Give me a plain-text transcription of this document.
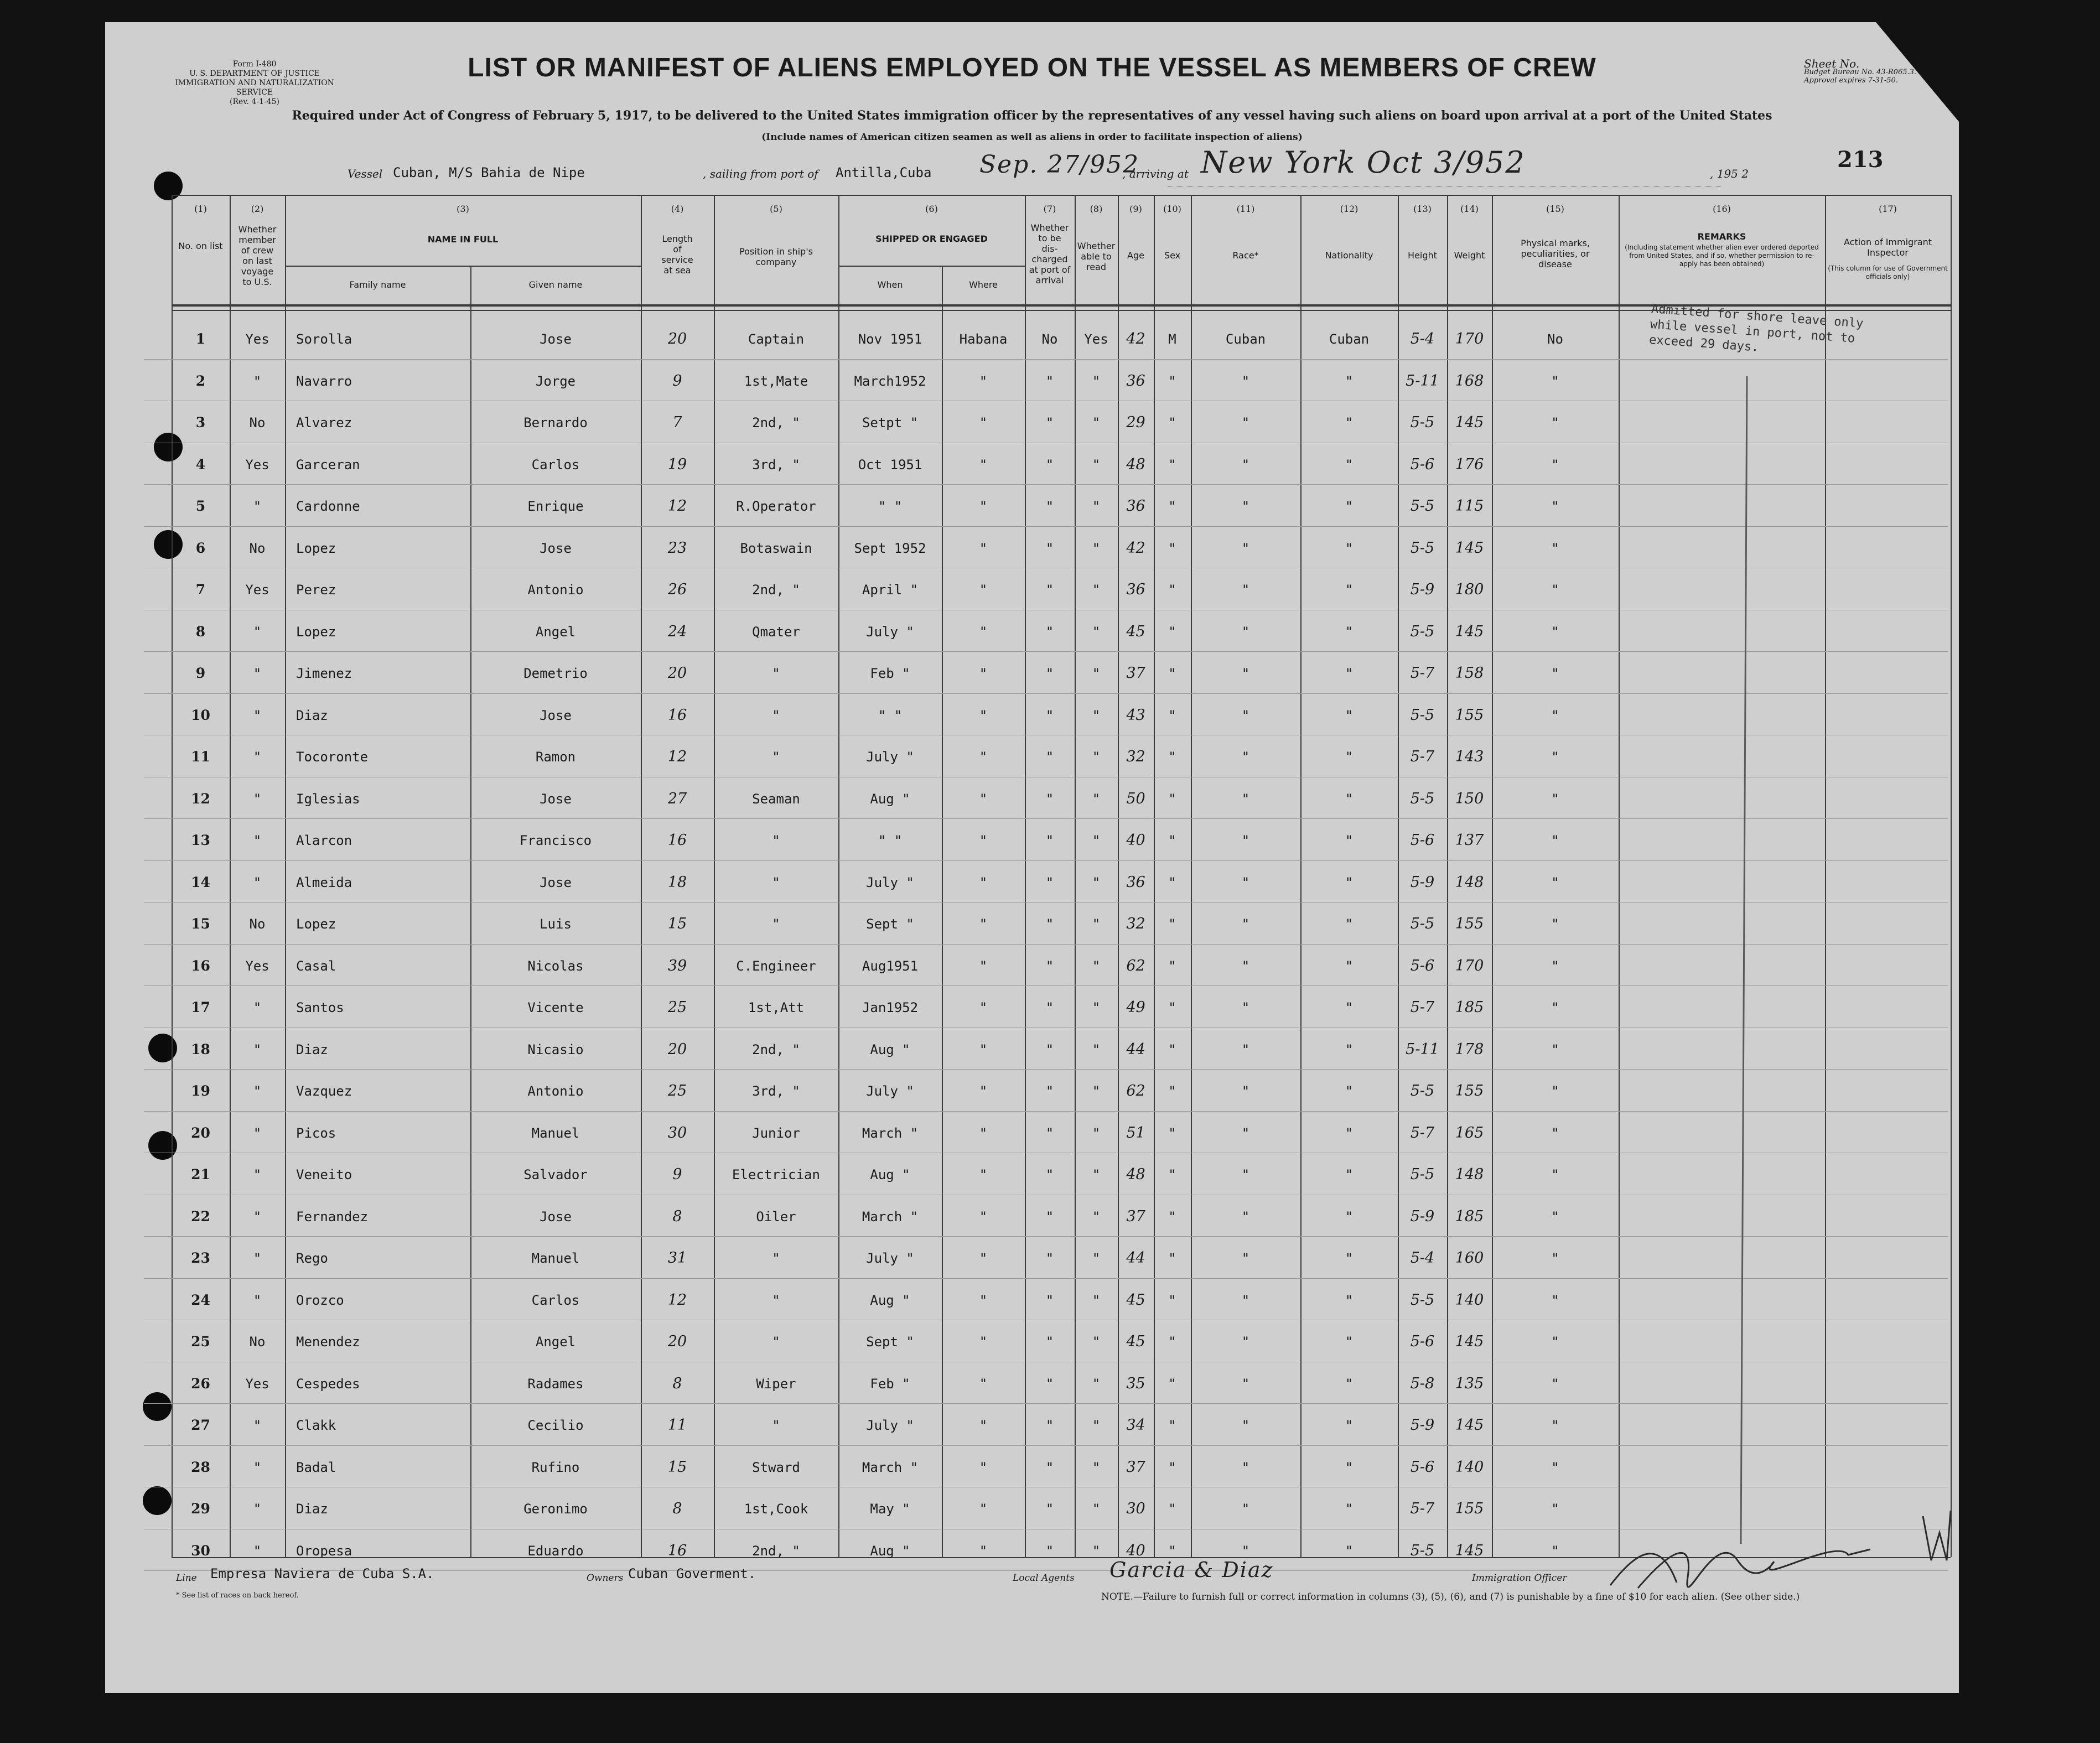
Form I-480
U. S. DEPARTMENT OF JUSTICE
IMMIGRATION AND NATURALIZATION SERVICE
(Rev. 4-1-45)
LIST OR MANIFEST OF ALIENS EMPLOYED ON THE VESSEL AS MEMBERS OF CREW	Sheet No.
Budget Bureau No. 43-R065.3.
Approval expires 7-31-50.
213
Required under Act of Congress of February 5, 1917, to be delivered to the United States immigration officer by the representatives of any vessel having such aliens on board upon arrival at a port of the United States
(Include names of American citizen seamen as well as aliens in order to facilitate inspection of aliens)
Vessel Cuban, M/S Bahia de Nipe	, sailing from port of Antilla,Cuba Sep. 27/952
, arriving at New York Oct 3/952	, 195 2
(1)	(2)	(3)	(4)	(5)	(6)	(7)	(8)	(9)	(10)	(11)	(12)	(13)	(14)	(15)	(16)	(17)
No. on list
Whether
member
of crew
on last
voyage
to U.S.
NAME IN FULL
Family name	Given name
Length
of
service
at sea
Position in ship's
company
SHIPPED OR ENGAGED
When	Where
Whether
to be
dis-
charged
at port of
arrival
Whether
able to
read
Age	Sex	Race*	Nationality	Height	Weight
Physical marks,
peculiarities, or
disease
REMARKS
(Including statement whether alien ever ordered deported from United States, and if so, whether permission to re-apply has been obtained)
Action of Immigrant
Inspector
(This column for use of Government officials only)
1	Yes	Sorolla	Jose	20	Captain	Nov 1951	Habana	No	Yes	42	M	Cuban	Cuban	5-4	170	No
2	"	Navarro	Jorge	9	1st,Mate	March1952	"	"	"	36	"	"	"	5-11	168	"
3	No	Alvarez	Bernardo	7	2nd, "	Setpt "	"	"	"	29	"	"	"	5-5	145	"
4	Yes	Garceran	Carlos	19	3rd, "	Oct 1951	"	"	"	48	"	"	"	5-6	176	"
5	"	Cardonne	Enrique	12	R.Operator	" "	"	"	"	36	"	"	"	5-5	115	"
6	No	Lopez	Jose	23	Botaswain	Sept 1952	"	"	"	42	"	"	"	5-5	145	"
7	Yes	Perez	Antonio	26	2nd, "	April "	"	"	"	36	"	"	"	5-9	180	"
8	"	Lopez	Angel	24	Qmater	July "	"	"	"	45	"	"	"	5-5	145	"
9	"	Jimenez	Demetrio	20	"	Feb "	"	"	"	37	"	"	"	5-7	158	"
10	"	Diaz	Jose	16	"	" "	"	"	"	43	"	"	"	5-5	155	"
11	"	Tocoronte	Ramon	12	"	July "	"	"	"	32	"	"	"	5-7	143	"
12	"	Iglesias	Jose	27	Seaman	Aug "	"	"	"	50	"	"	"	5-5	150	"
13	"	Alarcon	Francisco	16	"	" "	"	"	"	40	"	"	"	5-6	137	"
14	"	Almeida	Jose	18	"	July "	"	"	"	36	"	"	"	5-9	148	"
15	No	Lopez	Luis	15	"	Sept "	"	"	"	32	"	"	"	5-5	155	"
16	Yes	Casal	Nicolas	39	C.Engineer	Aug1951	"	"	"	62	"	"	"	5-6	170	"
17	"	Santos	Vicente	25	1st,Att	Jan1952	"	"	"	49	"	"	"	5-7	185	"
18	"	Diaz	Nicasio	20	2nd, "	Aug "	"	"	"	44	"	"	"	5-11	178	"
19	"	Vazquez	Antonio	25	3rd, "	July "	"	"	"	62	"	"	"	5-5	155	"
20	"	Picos	Manuel	30	Junior	March "	"	"	"	51	"	"	"	5-7	165	"
21	"	Veneito	Salvador	9	Electrician	Aug "	"	"	"	48	"	"	"	5-5	148	"
22	"	Fernandez	Jose	8	Oiler	March "	"	"	"	37	"	"	"	5-9	185	"
23	"	Rego	Manuel	31	"	July "	"	"	"	44	"	"	"	5-4	160	"
24	"	Orozco	Carlos	12	"	Aug "	"	"	"	45	"	"	"	5-5	140	"
25	No	Menendez	Angel	20	"	Sept "	"	"	"	45	"	"	"	5-6	145	"
26	Yes	Cespedes	Radames	8	Wiper	Feb "	"	"	"	35	"	"	"	5-8	135	"
27	"	Clakk	Cecilio	11	"	July "	"	"	"	34	"	"	"	5-9	145	"
28	"	Badal	Rufino	15	Stward	March "	"	"	"	37	"	"	"	5-6	140	"
29	"	Diaz	Geronimo	8	1st,Cook	May "	"	"	"	30	"	"	"	5-7	155	"
30	"	Oropesa	Eduardo	16	2nd, "	Aug "	"	"	"	40	"	"	"	5-5	145	"
Admitted for shore leave only while vessel in port, not to exceed 29 days.
Line Empresa Naviera de Cuba S.A.	Owners Cuban Goverment.	Local Agents Garcia & Diaz	Immigration Officer
* See list of races on back hereof.	NOTE.—Failure to furnish full or correct information in columns (3), (5), (6), and (7) is punishable by a fine of $10 for each alien. (See other side.)
